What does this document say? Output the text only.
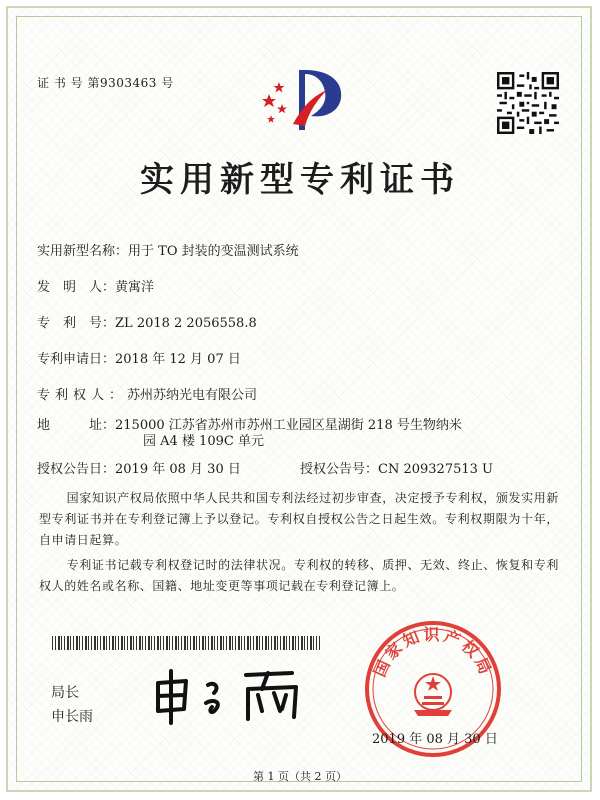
证 书 号 第9303463 号
实用新型专利证书
实用新型名称：用于 TO 封装的变温测试系统
发　明　人：黄寓洋
专　利　号：ZL 2018 2 2056558.8
专利申请日：2018 年 12 月 07 日
专利权人：苏州苏纳光电有限公司
地　　　址：215000 江苏省苏州市苏州工业园区星湖街 218 号生物纳米
园 A4 楼 109C 单元
授权公告日：2019 年 08 月 30 日	授权公告号：CN 209327513 U
国家知识产权局依照中华人民共和国专利法经过初步审查，决定授予专利权，颁发实用新型专利证书并在专利登记簿上予以登记。专利权自授权公告之日起生效。专利权期限为十年，自申请日起算。
专利证书记载专利权登记时的法律状况。专利权的转移、质押、无效、终止、恢复和专利权人的姓名或名称、国籍、地址变更等事项记载在专利登记簿上。
局长
申长雨
国家知识产权局
2019 年 08 月 30 日
第 1 页（共 2 页）
